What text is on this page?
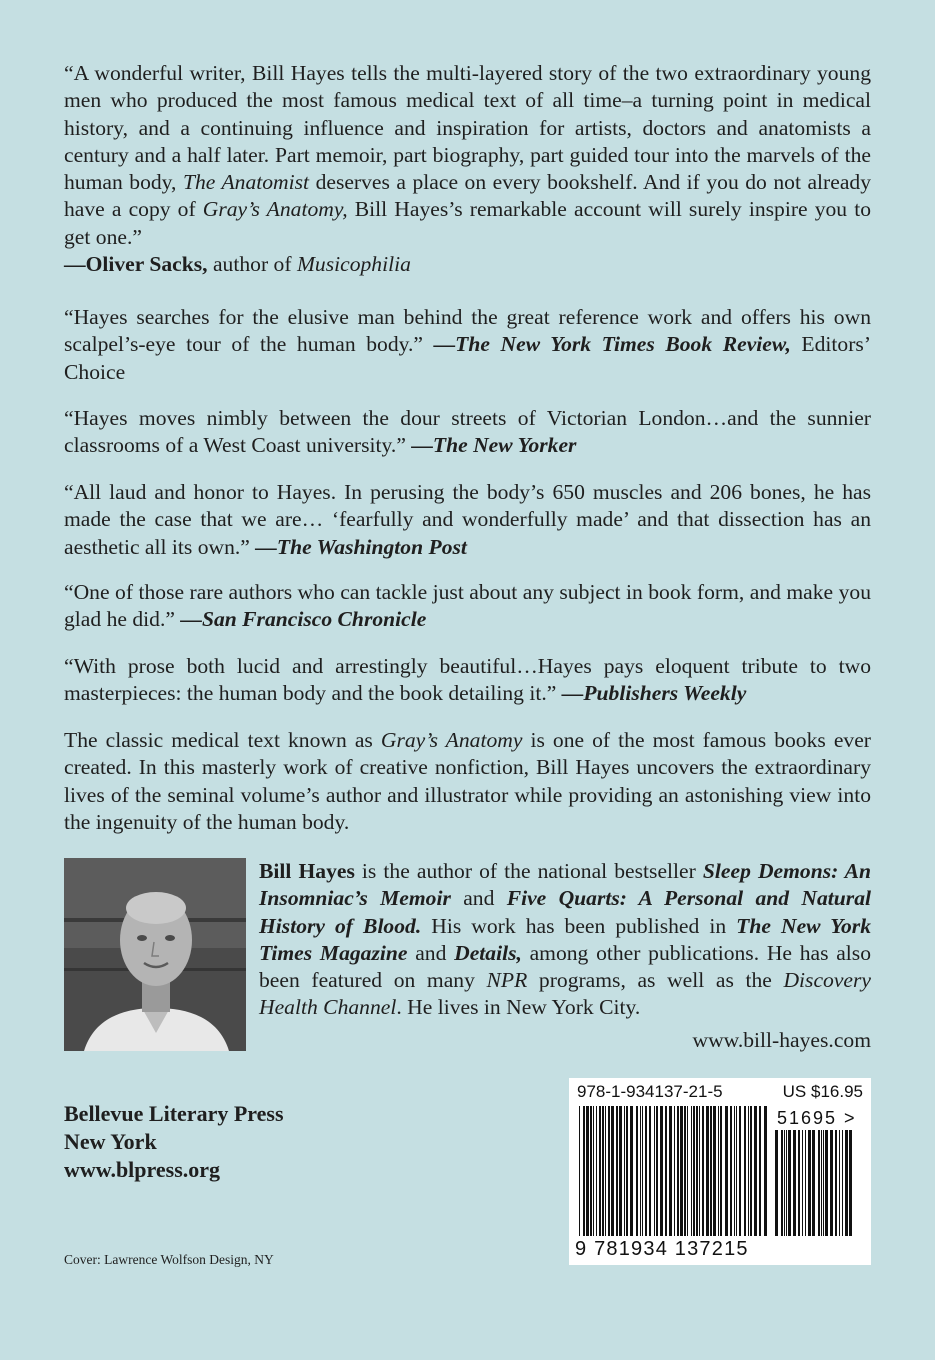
“A wonderful writer, Bill Hayes tells the multi-layered story of the two extraordinary young men who produced the most famous medical text of all time–a turning point in medical history, and a continuing influence and inspiration for artists, doctors and anatomists a century and a half later. Part memoir, part biography, part guided tour into the marvels of the human body, The Anatomist deserves a place on every bookshelf. And if you do not already have a copy of Gray’s Anatomy, Bill Hayes’s remarkable account will surely inspire you to get one.”
—Oliver Sacks, author of Musicophilia

“Hayes searches for the elusive man behind the great reference work and offers his own scalpel’s-eye tour of the human body.” —The New York Times Book Review, Editors’ Choice

“Hayes moves nimbly between the dour streets of Victorian London…and the sunnier classrooms of a West Coast university.” —The New Yorker

“All laud and honor to Hayes. In perusing the body’s 650 muscles and 206 bones, he has made the case that we are… ‘fearfully and wonderfully made’ and that dissection has an aesthetic all its own.” —The Washington Post

“One of those rare authors who can tackle just about any subject in book form, and make you glad he did.” —San Francisco Chronicle

“With prose both lucid and arrestingly beautiful…Hayes pays eloquent tribute to two masterpieces: the human body and the book detailing it.” —Publishers Weekly

The classic medical text known as Gray’s Anatomy is one of the most famous books ever created. In this masterly work of creative nonfiction, Bill Hayes uncovers the extraordinary lives of the seminal volume’s author and illustrator while providing an astonishing view into the ingenuity of the human body.

Bill Hayes is the author of the national bestseller Sleep Demons: An Insomniac’s Memoir and Five Quarts: A Personal and Natural History of Blood. His work has been published in The New York Times Magazine and Details, among other publications. He has also been featured on many NPR programs, as well as the Discovery Health Channel. He lives in New York City.

www.bill-hayes.com
Bellevue Literary Press
New York
www.blpress.org
Cover: Lawrence Wolfson Design, NY
978-1-934137-21-5	US $16.95
51695 >
9 781934 137215
